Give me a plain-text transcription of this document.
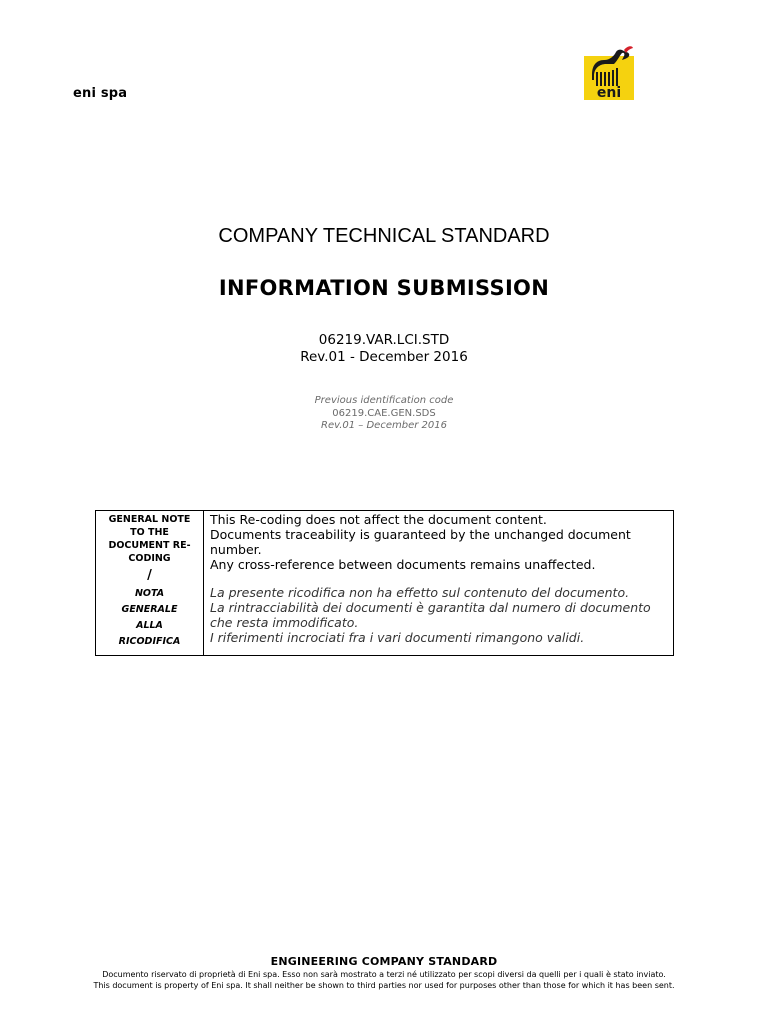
eni spa	eni
COMPANY TECHNICAL STANDARD
INFORMATION SUBMISSION
06219.VAR.LCI.STD
Rev.01 - December 2016
Previous identification code
06219.CAE.GEN.SDS
Rev.01 – December 2016
GENERAL NOTE
TO THE
DOCUMENT RE-
CODING
/
NOTA
GENERALE
ALLA
RICODIFICA
This Re-coding does not affect the document content.
Documents traceability is guaranteed by the unchanged document
number.
Any cross-reference between documents remains unaffected.
La presente ricodifica non ha effetto sul contenuto del documento.
La rintracciabilità dei documenti è garantita dal numero di documento
che resta immodificato.
I riferimenti incrociati fra i vari documenti rimangono validi.
ENGINEERING COMPANY STANDARD
Documento riservato di proprietà di Eni spa. Esso non sarà mostrato a terzi né utilizzato per scopi diversi da quelli per i quali è stato inviato.
This document is property of Eni spa. It shall neither be shown to third parties nor used for purposes other than those for which it has been sent.
